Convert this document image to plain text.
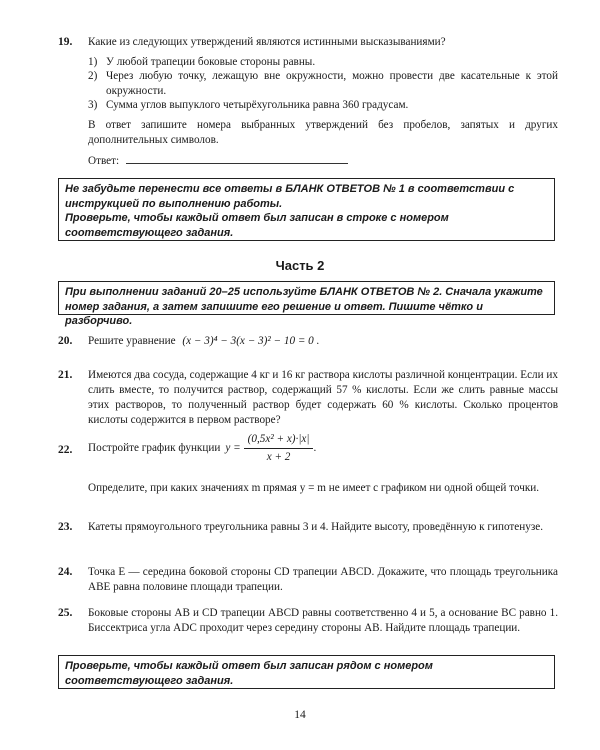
19. Какие из следующих утверждений являются истинными высказываниями?
1) У любой трапеции боковые стороны равны.
2) Через любую точку, лежащую вне окружности, можно провести две касательные к этой окружности.
3) Сумма углов выпуклого четырёхугольника равна 360 градусам.
В ответ запишите номера выбранных утверждений без пробелов, запятых и других дополнительных символов.
Ответ:
Не забудьте перенести все ответы в БЛАНК ОТВЕТОВ № 1 в соответствии с инструкцией по выполнению работы.
Проверьте, чтобы каждый ответ был записан в строке с номером соответствующего задания.
Часть 2
При выполнении заданий 20–25 используйте БЛАНК ОТВЕТОВ № 2. Сначала укажите номер задания, а затем запишите его решение и ответ. Пишите чётко и разборчиво.
20. Решите уравнение (x − 3)⁴ − 3(x − 3)² − 10 = 0 .
21. Имеются два сосуда, содержащие 4 кг и 16 кг раствора кислоты различной концентрации. Если их слить вместе, то получится раствор, содержащий 57 % кислоты. Если же слить равные массы этих растворов, то полученный раствор будет содержать 60 % кислоты. Сколько процентов кислоты содержится в первом растворе?
22. Постройте график функции $y = \frac{\text{(0,5x² + x)·|x|}}{x + 2}$ .
Определите, при каких значениях m прямая y = m не имеет с графиком ни одной общей точки.
23. Катеты прямоугольного треугольника равны 3 и 4. Найдите высоту, проведённую к гипотенузе.
24. Точка E — середина боковой стороны CD трапеции ABCD. Докажите, что площадь треугольника ABE равна половине площади трапеции.
25. Боковые стороны AB и CD трапеции ABCD равны соответственно 4 и 5, а основание BC равно 1. Биссектриса угла ADC проходит через середину стороны AB. Найдите площадь трапеции.
Проверьте, чтобы каждый ответ был записан рядом с номером соответствующего задания.
14
